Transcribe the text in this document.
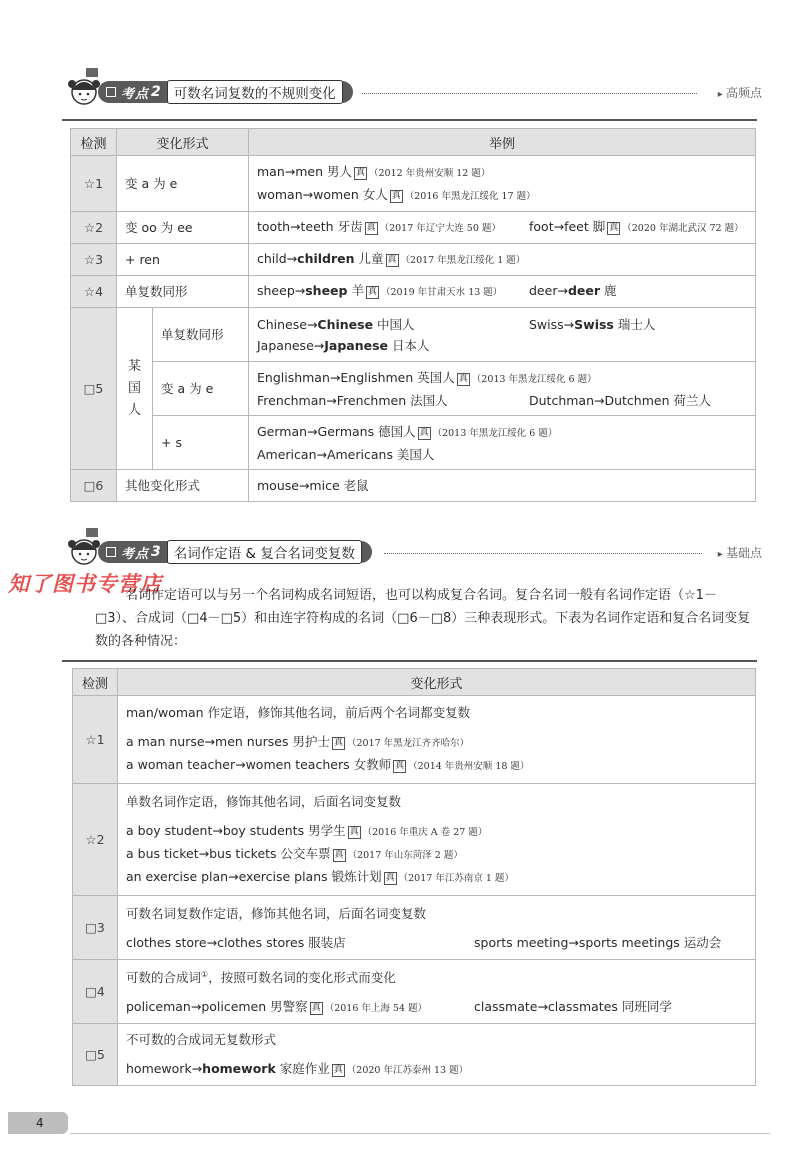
考点 2 可数名词复数的不规则变化	▸ 高频点
检测	变化形式		举例
☆1	变 a 为 e		man→men 男人 真 （2012 年贵州安顺 12 题）
woman→women 女人 真 （2016 年黑龙江绥化 17 题）

☆2	变 oo 为 ee		tooth→teeth 牙齿 真 （2017 年辽宁大连 50 题） foot→feet 脚 真 （2020 年湖北武汉 72 题）
☆3	+ ren		child→children 儿童 真 （2017 年黑龙江绥化 1 题）
☆4	单复数同形		sheep→sheep 羊 真 （2019 年甘肃天水 13 题） deer→deer 鹿
□5	某国人	单复数同形	Chinese→Chinese 中国人 Swiss→Swiss 瑞士人
Japanese→Japanese 日本人

		变 a 为 e	Englishman→Englishmen 英国人 真 （2013 年黑龙江绥化 6 题）
Frenchman→Frenchmen 法国人 Dutchman→Dutchmen 荷兰人

		+ s	German→Germans 德国人 真 （2013 年黑龙江绥化 6 题）
American→Americans 美国人

□6	其他变化形式		mouse→mice 老鼠
考点 3 名词作定语 & 复合名词变复数	▸ 基础点
知了图书专营店

名词作定语可以与另一个名词构成名词短语，也可以构成复合名词。复合名词一般有名词作定语（☆1－□3）、合成词（□4－□5）和由连字符构成的名词（□6－□8）三种表现形式。下表为名词作定语和复合名词变复数的各种情况：

检测	变化形式
☆1	man/woman 作定语，修饰其他名词，前后两个名词都变复数
a man nurse→men nurses 男护士 真 （2017 年黑龙江齐齐哈尔）
a woman teacher→women teachers 女教师 真 （2014 年贵州安顺 18 题）

☆2	单数名词作定语，修饰其他名词，后面名词变复数
a boy student→boy students 男学生 真 （2016 年重庆 A 卷 27 题）
a bus ticket→bus tickets 公交车票 真 （2017 年山东菏泽 2 题）
an exercise plan→exercise plans 锻炼计划 真 （2017 年江苏南京 1 题）

□3	可数名词复数作定语，修饰其他名词，后面名词变复数
clothes store→clothes stores 服装店 sports meeting→sports meetings 运动会

□4	可数的合成词①，按照可数名词的变化形式而变化
policeman→policemen 男警察 真 （2016 年上海 54 题） classmate→classmates 同班同学

□5	不可数的合成词无复数形式
homework→homework 家庭作业 真 （2020 年江苏泰州 13 题）
4
